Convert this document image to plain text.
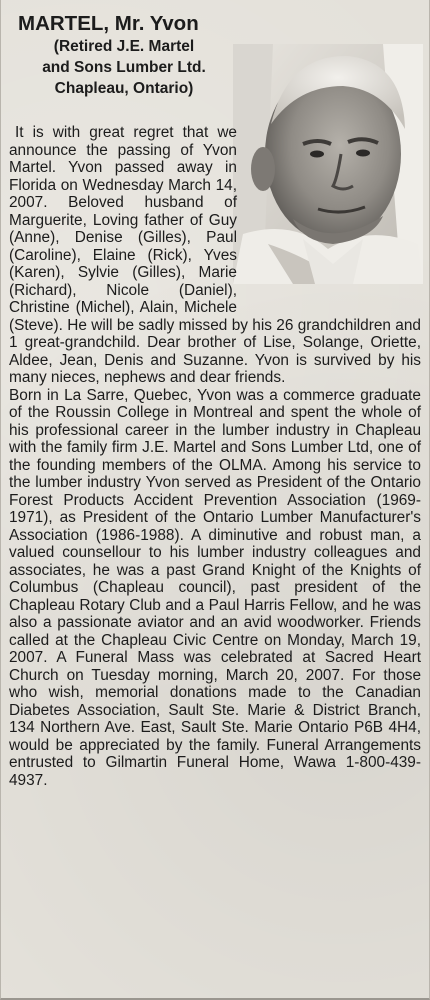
MARTEL, Mr. Yvon
(Retired J.E. Martel
and Sons Lumber Ltd.
Chapleau, Ontario)

It is with great regret that we announce the passing of Yvon Martel. Yvon passed away in Florida on Wednesday March 14, 2007. Beloved husband of Marguerite, Loving father of Guy (Anne), Denise (Gilles), Paul (Caroline), Elaine (Rick), Yves (Karen), Sylvie (Gilles), Marie (Richard), Nicole (Daniel), Christine (Michel), Alain, Michele (Steve). He will be sadly missed by his 26 grandchildren and 1 great-grandchild. Dear brother of Lise, Solange, Oriette, Aldee, Jean, Denis and Suzanne. Yvon is survived by his many nieces, nephews and dear friends.

Born in La Sarre, Quebec, Yvon was a commerce graduate of the Roussin College in Montreal and spent the whole of his professional career in the lumber industry in Chapleau with the family firm J.E. Martel and Sons Lumber Ltd, one of the founding members of the OLMA. Among his service to the lumber industry Yvon served as President of the Ontario Forest Products Accident Prevention Association (1969-1971), as President of the Ontario Lumber Manufacturer's Association (1986-1988). A diminutive and robust man, a valued counsellour to his lumber industry colleagues and associates, he was a past Grand Knight of the Knights of Columbus (Chapleau council), past president of the Chapleau Rotary Club and a Paul Harris Fellow, and he was also a passionate aviator and an avid woodworker. Friends called at the Chapleau Civic Centre on Monday, March 19, 2007. A Funeral Mass was celebrated at Sacred Heart Church on Tuesday morning, March 20, 2007. For those who wish, memorial donations made to the Canadian Diabetes Association, Sault Ste. Marie & District Branch, 134 Northern Ave. East, Sault Ste. Marie Ontario P6B 4H4, would be appreciated by the family. Funeral Arrangements entrusted to Gilmartin Funeral Home, Wawa 1-800-439-4937.
